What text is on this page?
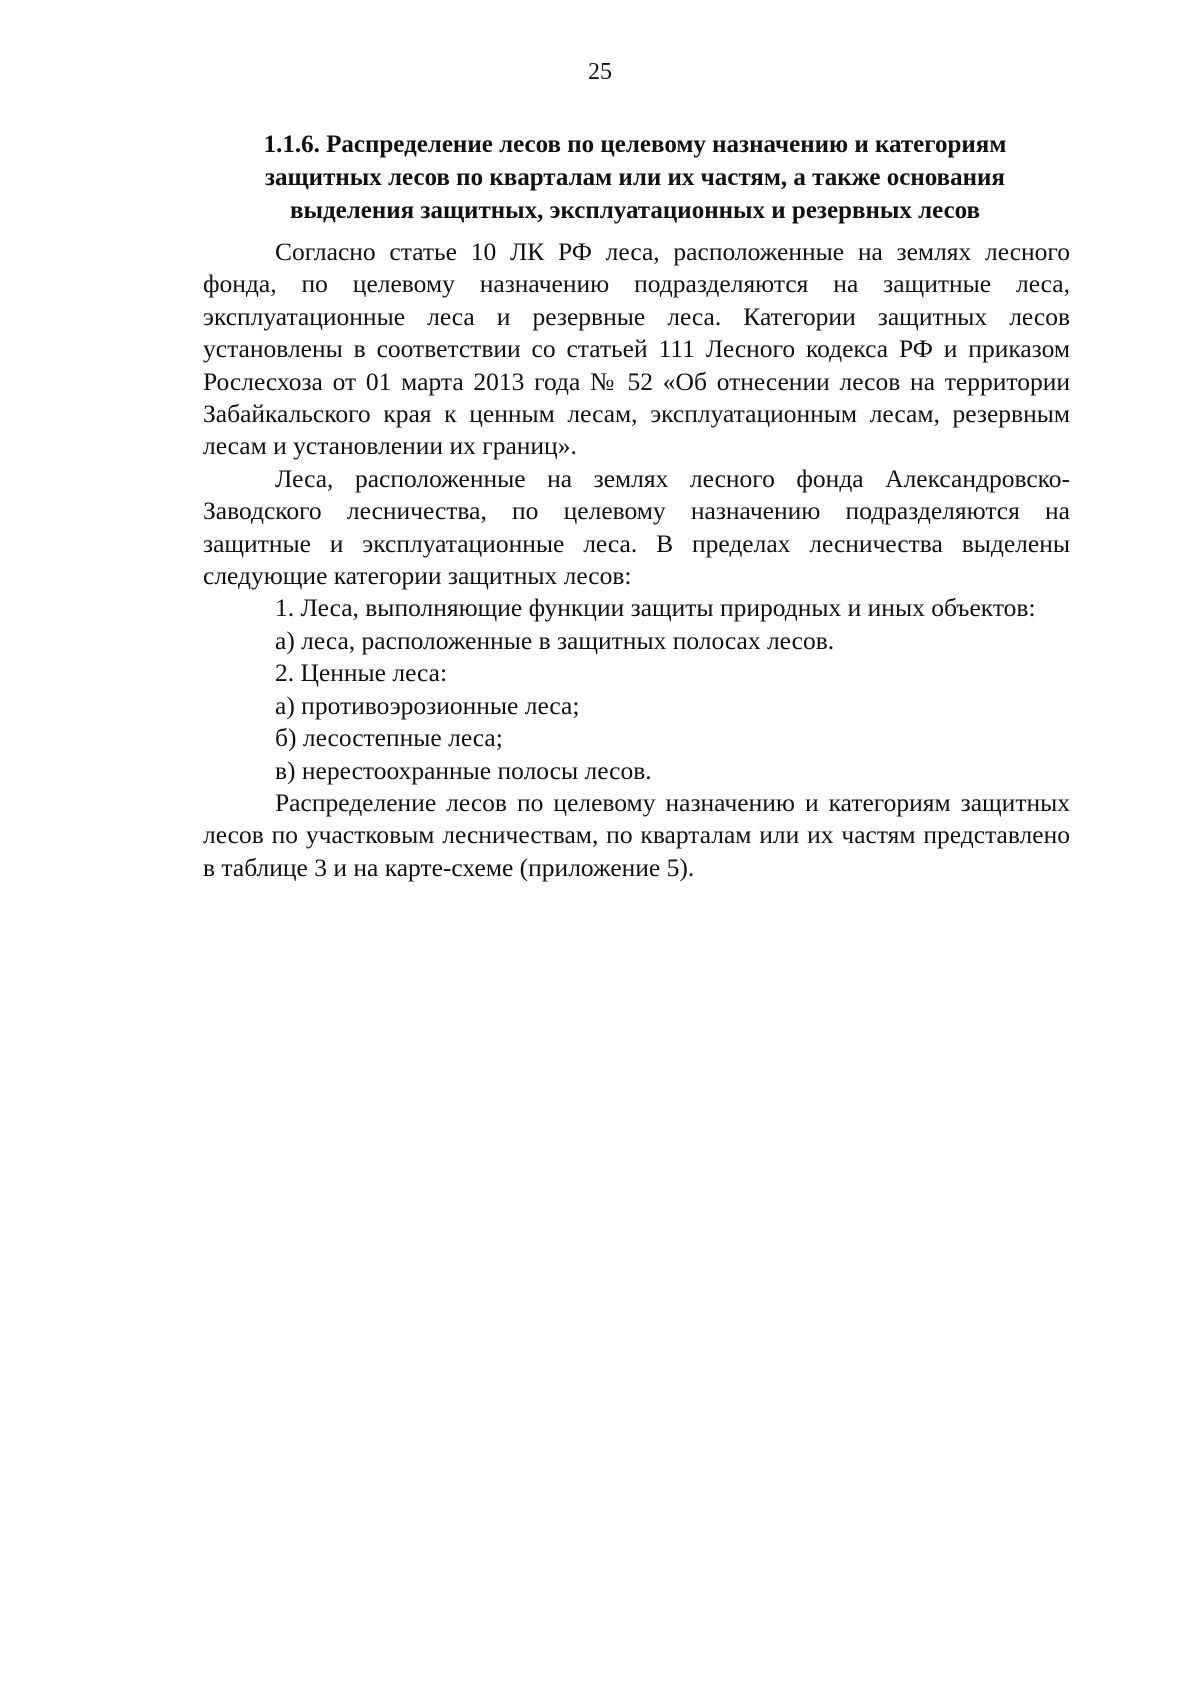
25
1.1.6. Распределение лесов по целевому назначению и категориям
защитных лесов по кварталам или их частям, а также основания
выделения защитных, эксплуатационных и резервных лесов

Согласно статье 10 ЛК РФ леса, расположенные на землях лесного фонда, по целевому назначению подразделяются на защитные леса, эксплуатационные леса и резервные леса. Категории защитных лесов установлены в соответствии со статьей 111 Лесного кодекса РФ и приказом Рослесхоза от 01 марта 2013 года № 52 «Об отнесении лесов на территории Забайкальского края к ценным лесам, эксплуатационным лесам, резервным лесам и установлении их границ».

Леса, расположенные на землях лесного фонда Александровско-Заводского лесничества, по целевому назначению подразделяются на защитные и эксплуатационные леса. В пределах лесничества выделены следующие категории защитных лесов:

1. Леса, выполняющие функции защиты природных и иных объектов:

а) леса, расположенные в защитных полосах лесов.

2. Ценные леса:

а) противоэрозионные леса;

б) лесостепные леса;

в) нерестоохранные полосы лесов.

Распределение лесов по целевому назначению и категориям защитных лесов по участковым лесничествам, по кварталам или их частям представлено в таблице 3 и на карте-схеме (приложение 5).
